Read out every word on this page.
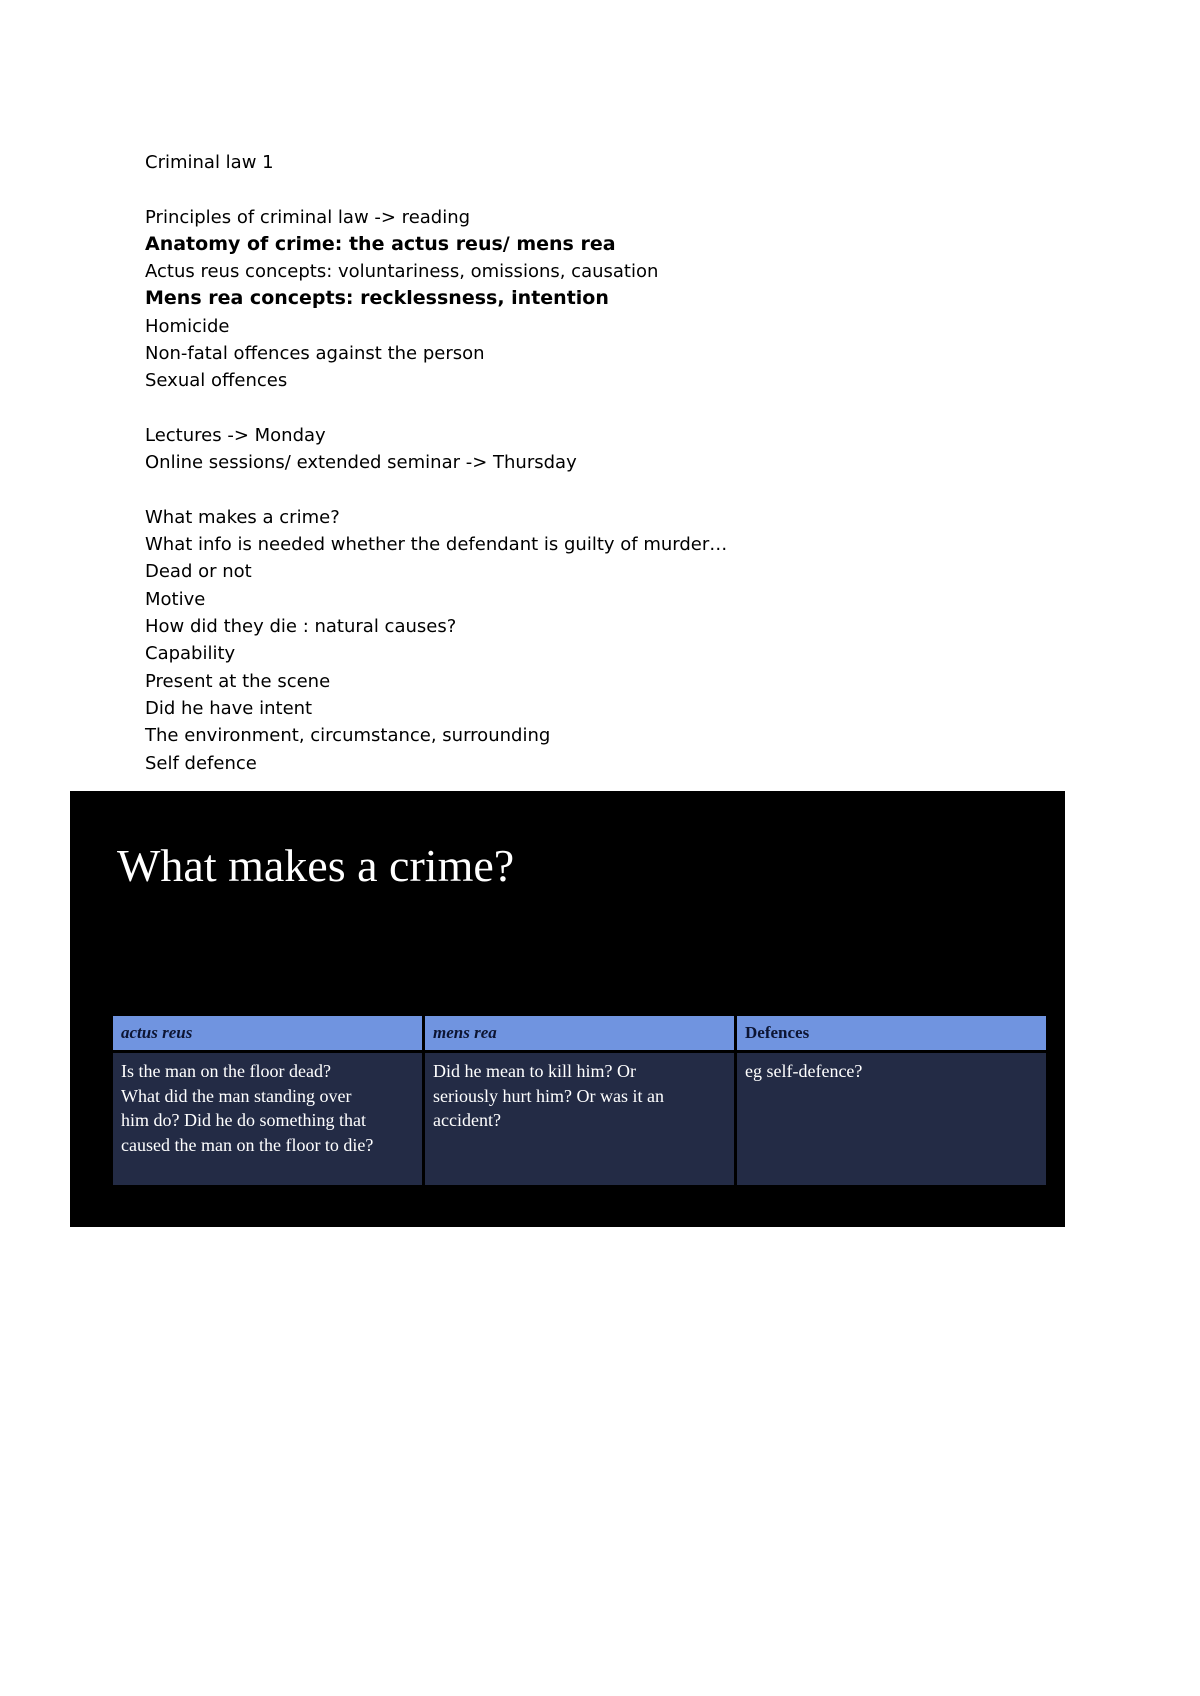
Criminal law 1
Principles of criminal law -> reading
Anatomy of crime: the actus reus/ mens rea
Actus reus concepts: voluntariness, omissions, causation
Mens rea concepts: recklessness, intention
Homicide
Non-fatal offences against the person
Sexual offences
Lectures -> Monday
Online sessions/ extended seminar -> Thursday
What makes a crime?
What info is needed whether the defendant is guilty of murder…
Dead or not
Motive
How did they die : natural causes?
Capability
Present at the scene
Did he have intent
The environment, circumstance, surrounding
Self defence
What makes a crime?
actus reus	mens rea	Defences

Is the man on the floor dead?
What did the man standing over
him do? Did he do something that
caused the man on the floor to die?	Did he mean to kill him? Or
seriously hurt him? Or was it an
accident?	eg self-defence?
